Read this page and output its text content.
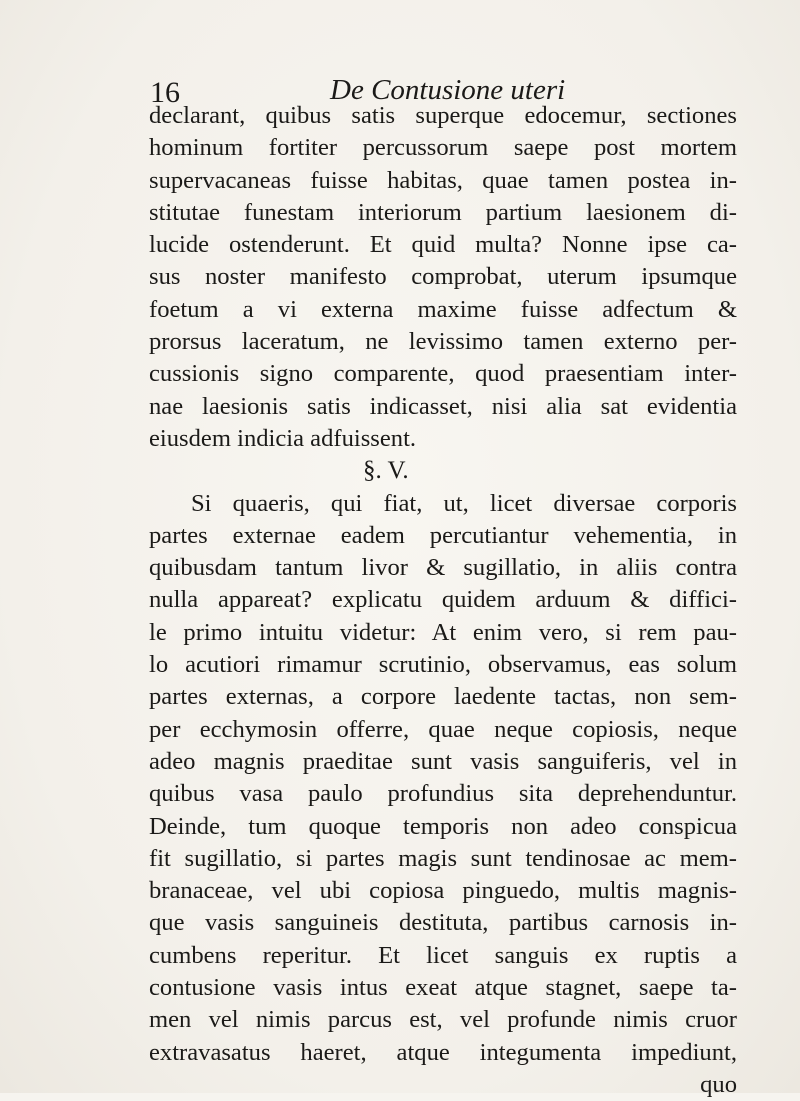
16	De Contusione uteri
declarant, quibus satis superque edocemur, sectiones
hominum fortiter percussorum saepe post mortem
supervacaneas fuisse habitas, quae tamen postea in-
stitutae funestam interiorum partium laesionem di-
lucide ostenderunt. Et quid multa? Nonne ipse ca-
sus noster manifesto comprobat, uterum ipsumque
foetum a vi externa maxime fuisse adfectum &
prorsus laceratum, ne levissimo tamen externo per-
cussionis signo comparente, quod praesentiam inter-
nae laesionis satis indicasset, nisi alia sat evidentia
eiusdem indicia adfuissent.
§. V.
Si quaeris, qui fiat, ut, licet diversae corporis
partes externae eadem percutiantur vehementia, in
quibusdam tantum livor & sugillatio, in aliis contra
nulla appareat? explicatu quidem arduum & diffici-
le primo intuitu videtur: At enim vero, si rem pau-
lo acutiori rimamur scrutinio, observamus, eas solum
partes externas, a corpore laedente tactas, non sem-
per ecchymosin offerre, quae neque copiosis, neque
adeo magnis praeditae sunt vasis sanguiferis, vel in
quibus vasa paulo profundius sita deprehenduntur.
Deinde, tum quoque temporis non adeo conspicua
fit sugillatio, si partes magis sunt tendinosae ac mem-
branaceae, vel ubi copiosa pinguedo, multis magnis-
que vasis sanguineis destituta, partibus carnosis in-
cumbens reperitur. Et licet sanguis ex ruptis a
contusione vasis intus exeat atque stagnet, saepe ta-
men vel nimis parcus est, vel profunde nimis cruor
extravasatus haeret, atque integumenta impediunt,
quo
